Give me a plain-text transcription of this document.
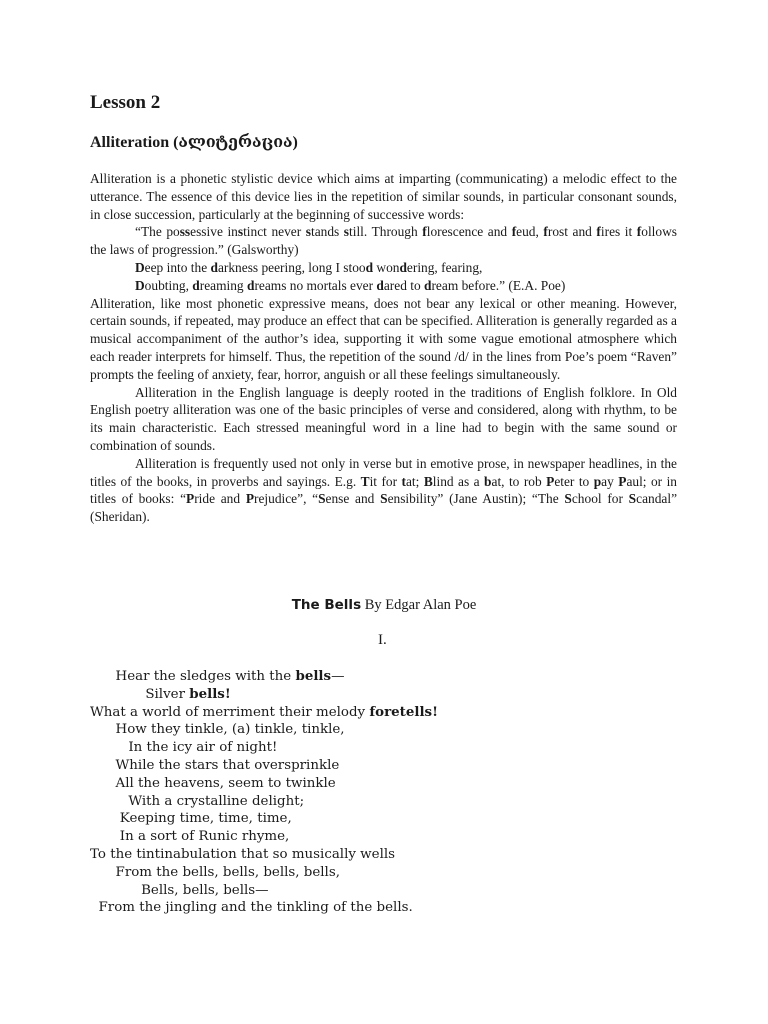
Lesson 2
Alliteration (ალიტერაცია)

Alliteration is a phonetic stylistic device which aims at imparting (communicating) a melodic effect to the utterance. The essence of this device lies in the repetition of similar sounds, in particular consonant sounds, in close succession, particularly at the beginning of successive words:

“The possessive instinct never stands still. Through florescence and feud, frost and fires it follows the laws of progression.” (Galsworthy)

Deep into the darkness peering, long I stood wondering, fearing,

Doubting, dreaming dreams no mortals ever dared to dream before.” (E.A. Poe)

Alliteration, like most phonetic expressive means, does not bear any lexical or other meaning. However, certain sounds, if repeated, may produce an effect that can be specified. Alliteration is generally regarded as a musical accompaniment of the author’s idea, supporting it with some vague emotional atmosphere which each reader interprets for himself. Thus, the repetition of the sound /d/ in the lines from Poe’s poem “Raven” prompts the feeling of anxiety, fear, horror, anguish or all these feelings simultaneously.

Alliteration in the English language is deeply rooted in the traditions of English folklore. In Old English poetry alliteration was one of the basic principles of verse and considered, along with rhythm, to be its main characteristic. Each stressed meaningful word in a line had to begin with the same sound or combination of sounds.

Alliteration is frequently used not only in verse but in emotive prose, in newspaper headlines, in the titles of the books, in proverbs and sayings. E.g. Tit for tat; Blind as a bat, to rob Peter to pay Paul; or in titles of books: “Pride and Prejudice”, “Sense and Sensibility” (Jane Austin); “The School for Scandal” (Sheridan).

The Bells By Edgar Alan Poe
I.
Hear the sledges with the bells—
Silver bells!
What a world of merriment their melody foretells!
How they tinkle, (a) tinkle, tinkle,
In the icy air of night!
While the stars that oversprinkle
All the heavens, seem to twinkle
With a crystalline delight;
Keeping time, time, time,
In a sort of Runic rhyme,
To the tintinabulation that so musically wells
From the bells, bells, bells, bells,
Bells, bells, bells—
From the jingling and the tinkling of the bells.
